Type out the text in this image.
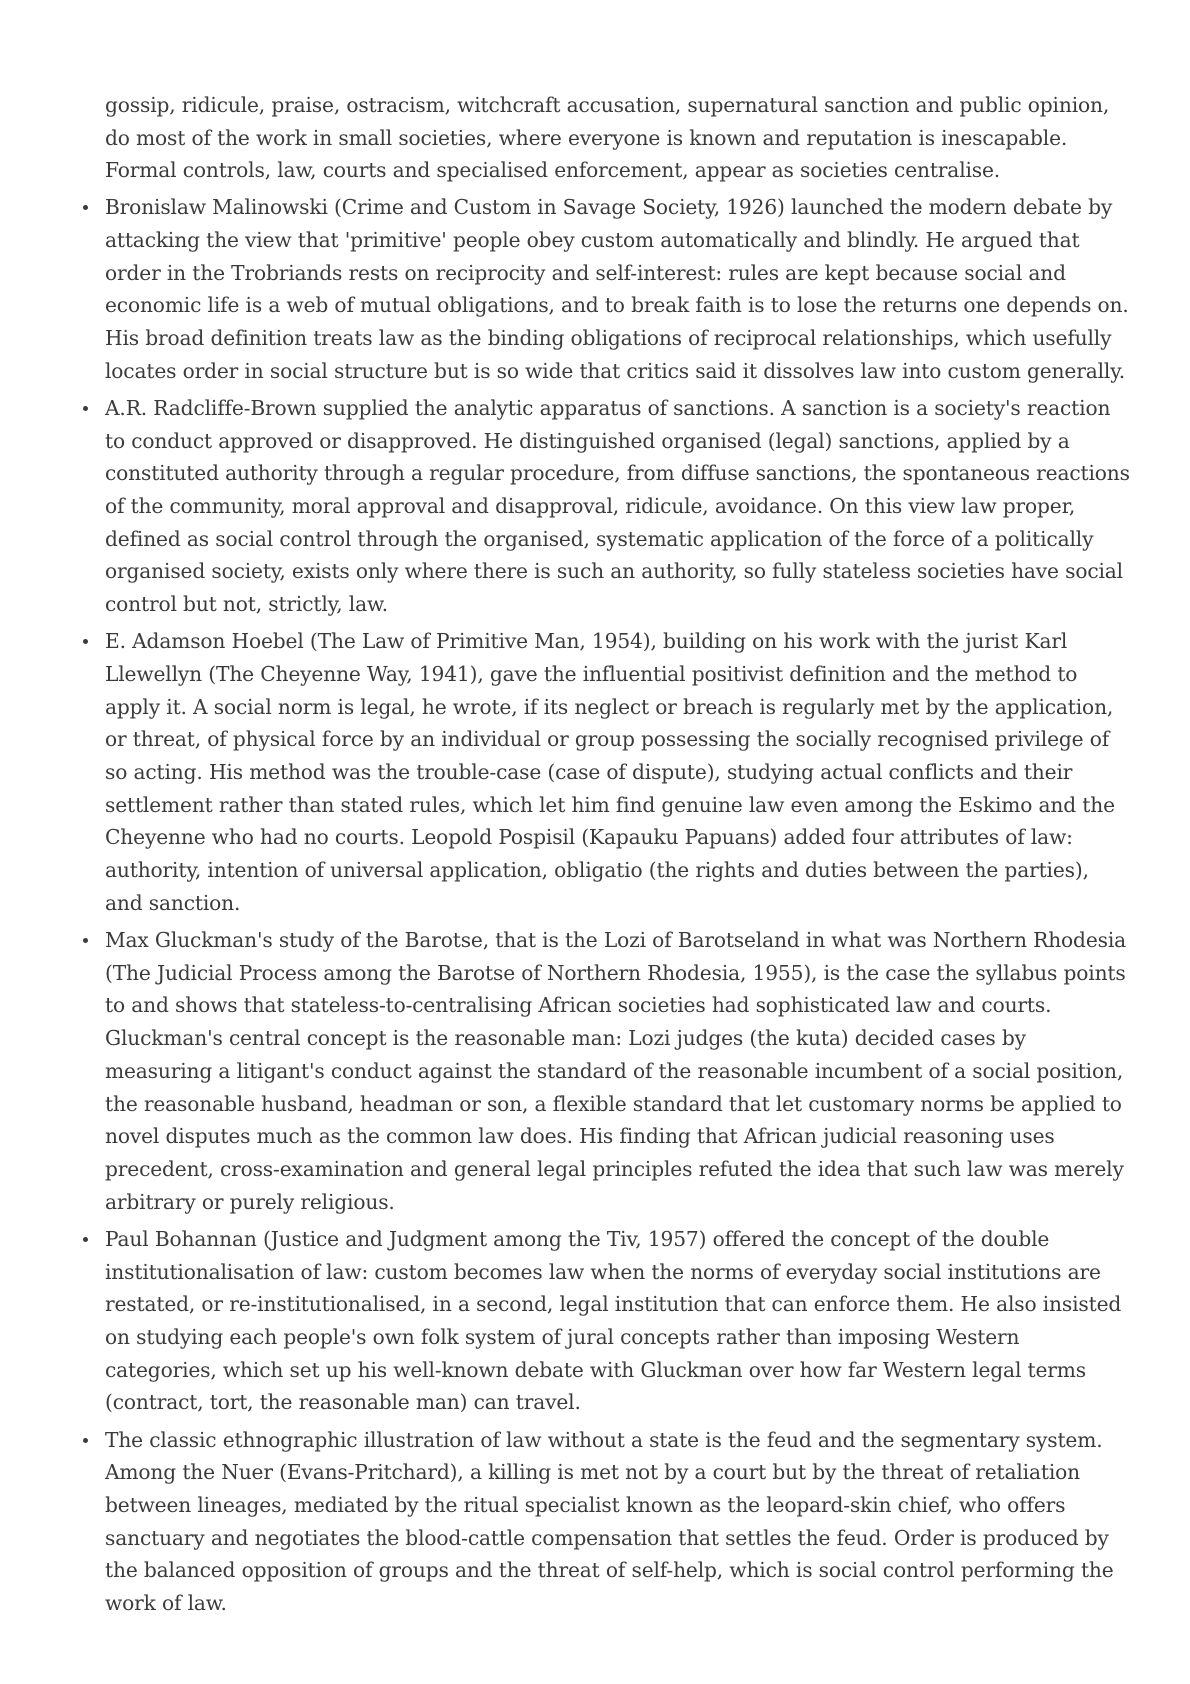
gossip, ridicule, praise, ostracism, witchcraft accusation, supernatural sanction and public opinion, do most of the work in small societies, where everyone is known and reputation is inescapable. Formal controls, law, courts and specialised enforcement, appear as societies centralise.

Bronislaw Malinowski (Crime and Custom in Savage Society, 1926) launched the modern debate by attacking the view that 'primitive' people obey custom automatically and blindly. He argued that order in the Trobriands rests on reciprocity and self-interest: rules are kept because social and economic life is a web of mutual obligations, and to break faith is to lose the returns one depends on. His broad definition treats law as the binding obligations of reciprocal relationships, which usefully locates order in social structure but is so wide that critics said it dissolves law into custom generally.
A.R. Radcliffe-Brown supplied the analytic apparatus of sanctions. A sanction is a society's reaction to conduct approved or disapproved. He distinguished organised (legal) sanctions, applied by a constituted authority through a regular procedure, from diffuse sanctions, the spontaneous reactions of the community, moral approval and disapproval, ridicule, avoidance. On this view law proper, defined as social control through the organised, systematic application of the force of a politically organised society, exists only where there is such an authority, so fully stateless societies have social control but not, strictly, law.
E. Adamson Hoebel (The Law of Primitive Man, 1954), building on his work with the jurist Karl Llewellyn (The Cheyenne Way, 1941), gave the influential positivist definition and the method to apply it. A social norm is legal, he wrote, if its neglect or breach is regularly met by the application, or threat, of physical force by an individual or group possessing the socially recognised privilege of so acting. His method was the trouble-case (case of dispute), studying actual conflicts and their settlement rather than stated rules, which let him find genuine law even among the Eskimo and the Cheyenne who had no courts. Leopold Pospisil (Kapauku Papuans) added four attributes of law: authority, intention of universal application, obligatio (the rights and duties between the parties), and sanction.
Max Gluckman's study of the Barotse, that is the Lozi of Barotseland in what was Northern Rhodesia (The Judicial Process among the Barotse of Northern Rhodesia, 1955), is the case the syllabus points to and shows that stateless-to-centralising African societies had sophisticated law and courts. Gluckman's central concept is the reasonable man: Lozi judges (the kuta) decided cases by measuring a litigant's conduct against the standard of the reasonable incumbent of a social position, the reasonable husband, headman or son, a flexible standard that let customary norms be applied to novel disputes much as the common law does. His finding that African judicial reasoning uses precedent, cross-examination and general legal principles refuted the idea that such law was merely arbitrary or purely religious.
Paul Bohannan (Justice and Judgment among the Tiv, 1957) offered the concept of the double institutionalisation of law: custom becomes law when the norms of everyday social institutions are restated, or re-institutionalised, in a second, legal institution that can enforce them. He also insisted on studying each people's own folk system of jural concepts rather than imposing Western categories, which set up his well-known debate with Gluckman over how far Western legal terms (contract, tort, the reasonable man) can travel.
The classic ethnographic illustration of law without a state is the feud and the segmentary system. Among the Nuer (Evans-Pritchard), a killing is met not by a court but by the threat of retaliation between lineages, mediated by the ritual specialist known as the leopard-skin chief, who offers sanctuary and negotiates the blood-cattle compensation that settles the feud. Order is produced by the balanced opposition of groups and the threat of self-help, which is social control performing the work of law.
